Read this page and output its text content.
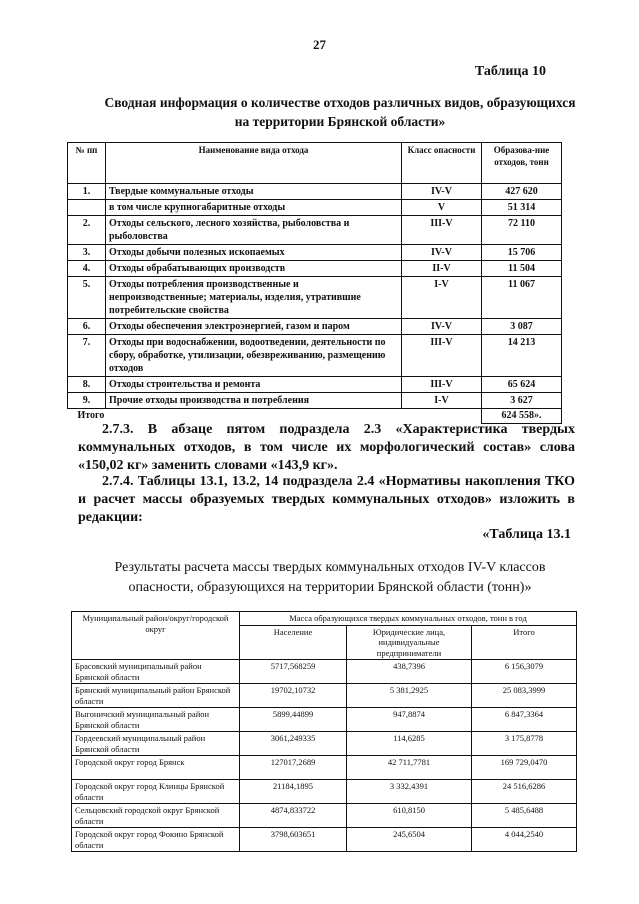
27
Таблица 10
Сводная информация о количестве отходов различных видов, образующихся
на территории Брянской области»
№ пп	Наименование вида отхода	Класс опасности	Образова-ние отходов, тонн
1.	Твердые коммунальные отходы	IV-V	427 620
	в том числе крупногабаритные отходы	V	51 314
2.	Отходы сельского, лесного хозяйства, рыболовства и рыболовства	III-V	72 110
3.	Отходы добычи полезных ископаемых	IV-V	15 706
4.	Отходы обрабатывающих производств	II-V	11 504
5.	Отходы потребления производственные и непроизводственные; материалы, изделия, утратившие потребительские свойства	I-V	11 067
6.	Отходы обеспечения электроэнергией, газом и паром	IV-V	3 087
7.	Отходы при водоснабжении, водоотведении, деятельности по сбору, обработке, утилизации, обезвреживанию, размещению отходов	III-V	14 213
8.	Отходы строительства и ремонта	III-V	65 624
9.	Прочие отходы производства и потребления	I-V	3 627
Итого			624 558».
2.7.3. В абзаце пятом подраздела 2.3 «Характеристика твердых коммунальных отходов, в том числе их морфологический состав» слова «150,02 кг» заменить словами «143,9 кг».
2.7.4. Таблицы 13.1, 13.2, 14 подраздела 2.4 «Нормативы накопления ТКО и расчет массы образуемых твердых коммунальных отходов» изложить в редакции:
«Таблица 13.1
Результаты расчета массы твердых коммунальных отходов IV-V классов
опасности, образующихся на территории Брянской области (тонн)»
Муниципальный район/округ/городской округ	Масса образующихся твердых коммунальных отходов, тонн в год		
	Население	Юридические лица, индивидуальные предприниматели	Итого
Брасовский муниципальный район Брянской области	5717,568259	438,7396	6 156,3079
Брянский муниципальный район Брянской области	19702,10732	5 381,2925	25 083,3999
Выгоничский муниципальный район Брянской области	5899,44899	947,8874	6 847,3364
Гордеевский муниципальный район Брянской области	3061,249335	114,6285	3 175,8778
Городской округ город Брянск	127017,2689	42 711,7781	169 729,0470
Городской округ город Клинцы Брянской области	21184,1895	3 332,4391	24 516,6286
Сельцовский городской округ Брянской области	4874,833722	610,8150	5 485,6488
Городской округ город Фокино Брянской области	3798,603651	245,6504	4 044,2540
